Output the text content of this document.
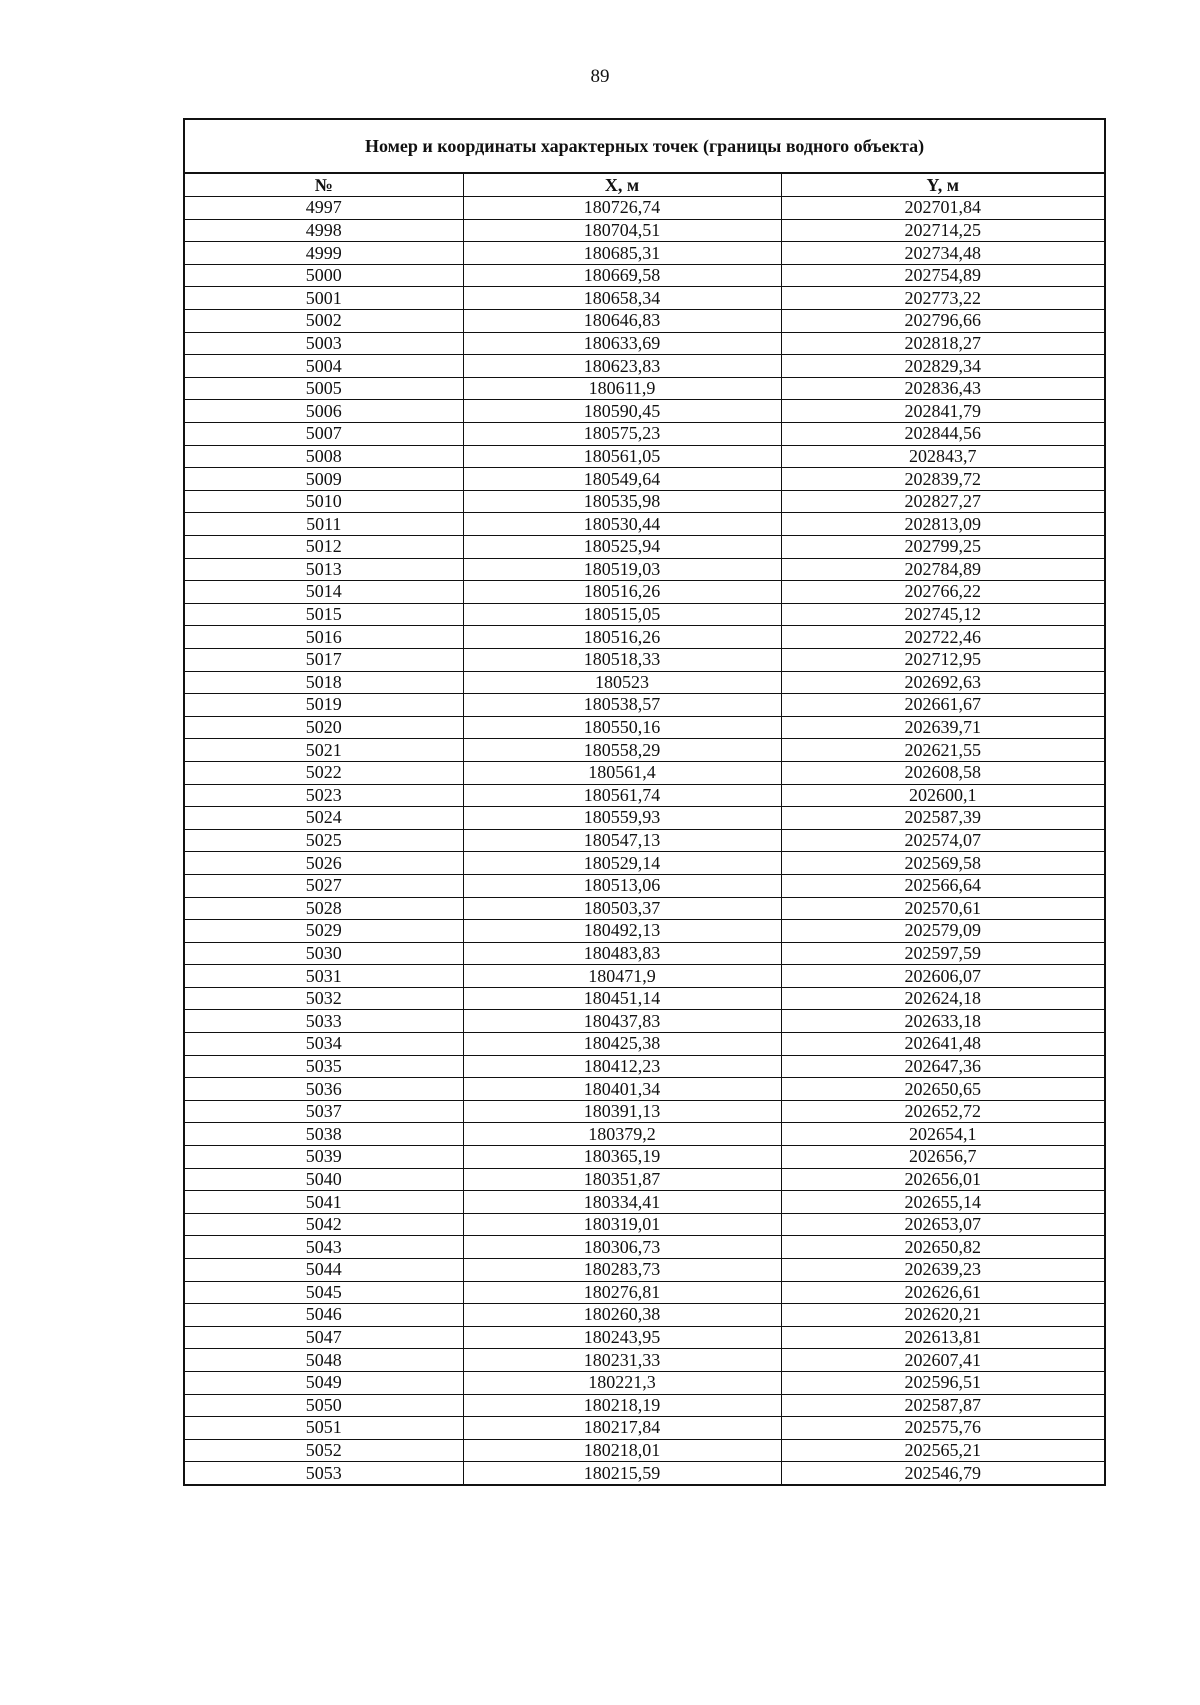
89
Номер и координаты характерных точек (границы водного объекта)
№	X, м	Y, м
4997	180726,74	202701,84
4998	180704,51	202714,25
4999	180685,31	202734,48
5000	180669,58	202754,89
5001	180658,34	202773,22
5002	180646,83	202796,66
5003	180633,69	202818,27
5004	180623,83	202829,34
5005	180611,9	202836,43
5006	180590,45	202841,79
5007	180575,23	202844,56
5008	180561,05	202843,7
5009	180549,64	202839,72
5010	180535,98	202827,27
5011	180530,44	202813,09
5012	180525,94	202799,25
5013	180519,03	202784,89
5014	180516,26	202766,22
5015	180515,05	202745,12
5016	180516,26	202722,46
5017	180518,33	202712,95
5018	180523	202692,63
5019	180538,57	202661,67
5020	180550,16	202639,71
5021	180558,29	202621,55
5022	180561,4	202608,58
5023	180561,74	202600,1
5024	180559,93	202587,39
5025	180547,13	202574,07
5026	180529,14	202569,58
5027	180513,06	202566,64
5028	180503,37	202570,61
5029	180492,13	202579,09
5030	180483,83	202597,59
5031	180471,9	202606,07
5032	180451,14	202624,18
5033	180437,83	202633,18
5034	180425,38	202641,48
5035	180412,23	202647,36
5036	180401,34	202650,65
5037	180391,13	202652,72
5038	180379,2	202654,1
5039	180365,19	202656,7
5040	180351,87	202656,01
5041	180334,41	202655,14
5042	180319,01	202653,07
5043	180306,73	202650,82
5044	180283,73	202639,23
5045	180276,81	202626,61
5046	180260,38	202620,21
5047	180243,95	202613,81
5048	180231,33	202607,41
5049	180221,3	202596,51
5050	180218,19	202587,87
5051	180217,84	202575,76
5052	180218,01	202565,21
5053	180215,59	202546,79
